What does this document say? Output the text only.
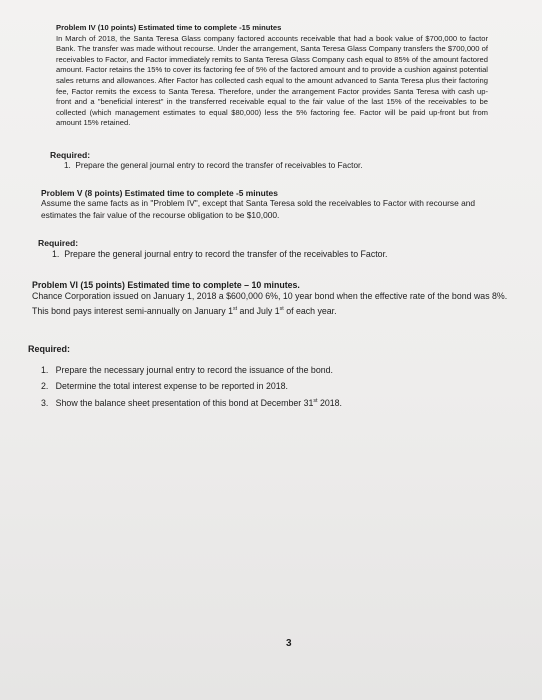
Problem IV (10 points) Estimated time to complete -15 minutes
In March of 2018, the Santa Teresa Glass company factored accounts receivable that had a book value of $700,000 to factor Bank. The transfer was made without recourse. Under the arrangement, Santa Teresa Glass Company transfers the $700,000 of receivables to Factor, and Factor immediately remits to Santa Teresa Glass Company cash equal to 85% of the amount factored amount. Factor retains the 15% to cover its factoring fee of 5% of the factored amount and to provide a cushion against potential sales returns and allowances. After Factor has collected cash equal to the amount advanced to Santa Teresa plus their factoring fee, Factor remits the excess to Santa Teresa. Therefore, under the arrangement Factor provides Santa Teresa with cash up-front and a "beneficial interest" in the transferred receivable equal to the fair value of the last 15% of the receivables to be collected (which management estimates to equal $80,000) less the 5% factoring fee. Factor will be paid up-front but from amount 15% retained.
Required:
1.  Prepare the general journal entry to record the transfer of receivables to Factor.
Problem V (8 points) Estimated time to complete -5 minutes
Assume the same facts as in "Problem IV", except that Santa Teresa sold the receivables to Factor with recourse and estimates the fair value of the recourse obligation to be $10,000.
Required:
1.  Prepare the general journal entry to record the transfer of the receivables to Factor.
Problem VI (15 points) Estimated time to complete – 10 minutes.
Chance Corporation issued on January 1, 2018 a $600,000 6%, 10 year bond when the effective rate of the bond was 8%. This bond pays interest semi-annually on January 1st and July 1st of each year.
Required:
1.   Prepare the necessary journal entry to record the issuance of the bond.
2.   Determine the total interest expense to be reported in 2018.
3.   Show the balance sheet presentation of this bond at December 31st 2018.
3
